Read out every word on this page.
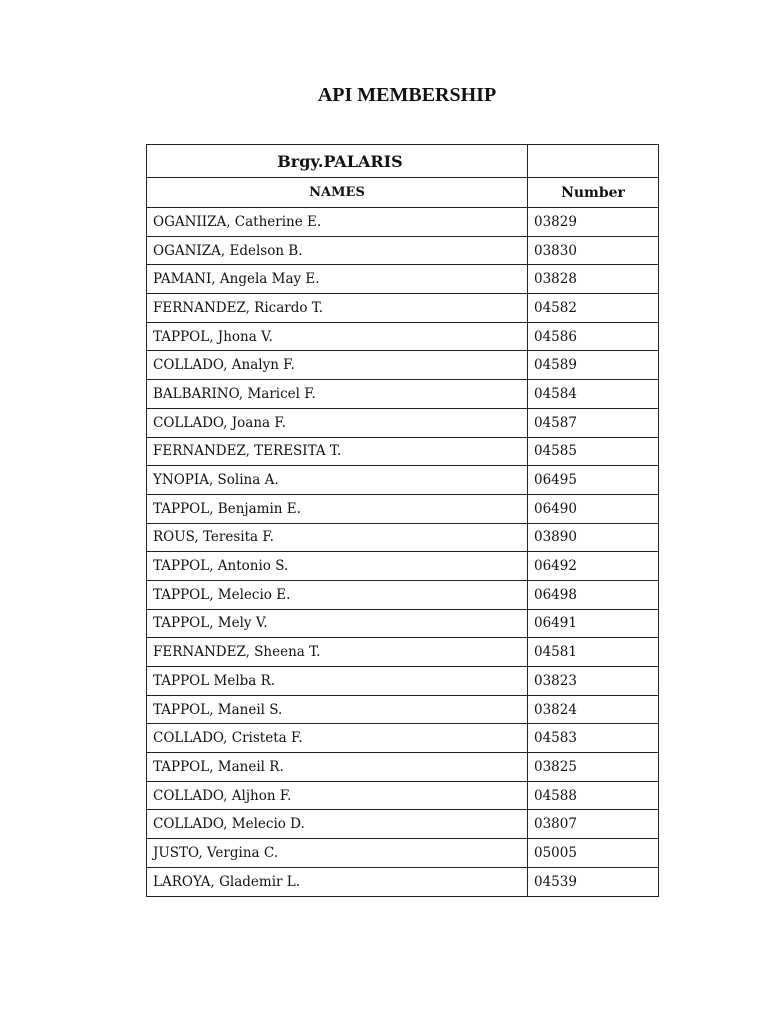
API MEMBERSHIP
Brgy.PALARIS	
NAMES	Number
OGANIIZA, Catherine E.	03829
OGANIZA, Edelson B.	03830
PAMANI, Angela May E.	03828
FERNANDEZ, Ricardo T.	04582
TAPPOL, Jhona V.	04586
COLLADO, Analyn F.	04589
BALBARINO, Maricel F.	04584
COLLADO, Joana F.	04587
FERNANDEZ, TERESITA T.	04585
YNOPIA, Solina A.	06495
TAPPOL, Benjamin E.	06490
ROUS, Teresita F.	03890
TAPPOL, Antonio S.	06492
TAPPOL, Melecio E.	06498
TAPPOL, Mely V.	06491
FERNANDEZ, Sheena T.	04581
TAPPOL Melba R.	03823
TAPPOL, Maneil S.	03824
COLLADO, Cristeta F.	04583
TAPPOL, Maneil R.	03825
COLLADO, Aljhon F.	04588
COLLADO, Melecio D.	03807
JUSTO, Vergina C.	05005
LAROYA, Glademir L.	04539
